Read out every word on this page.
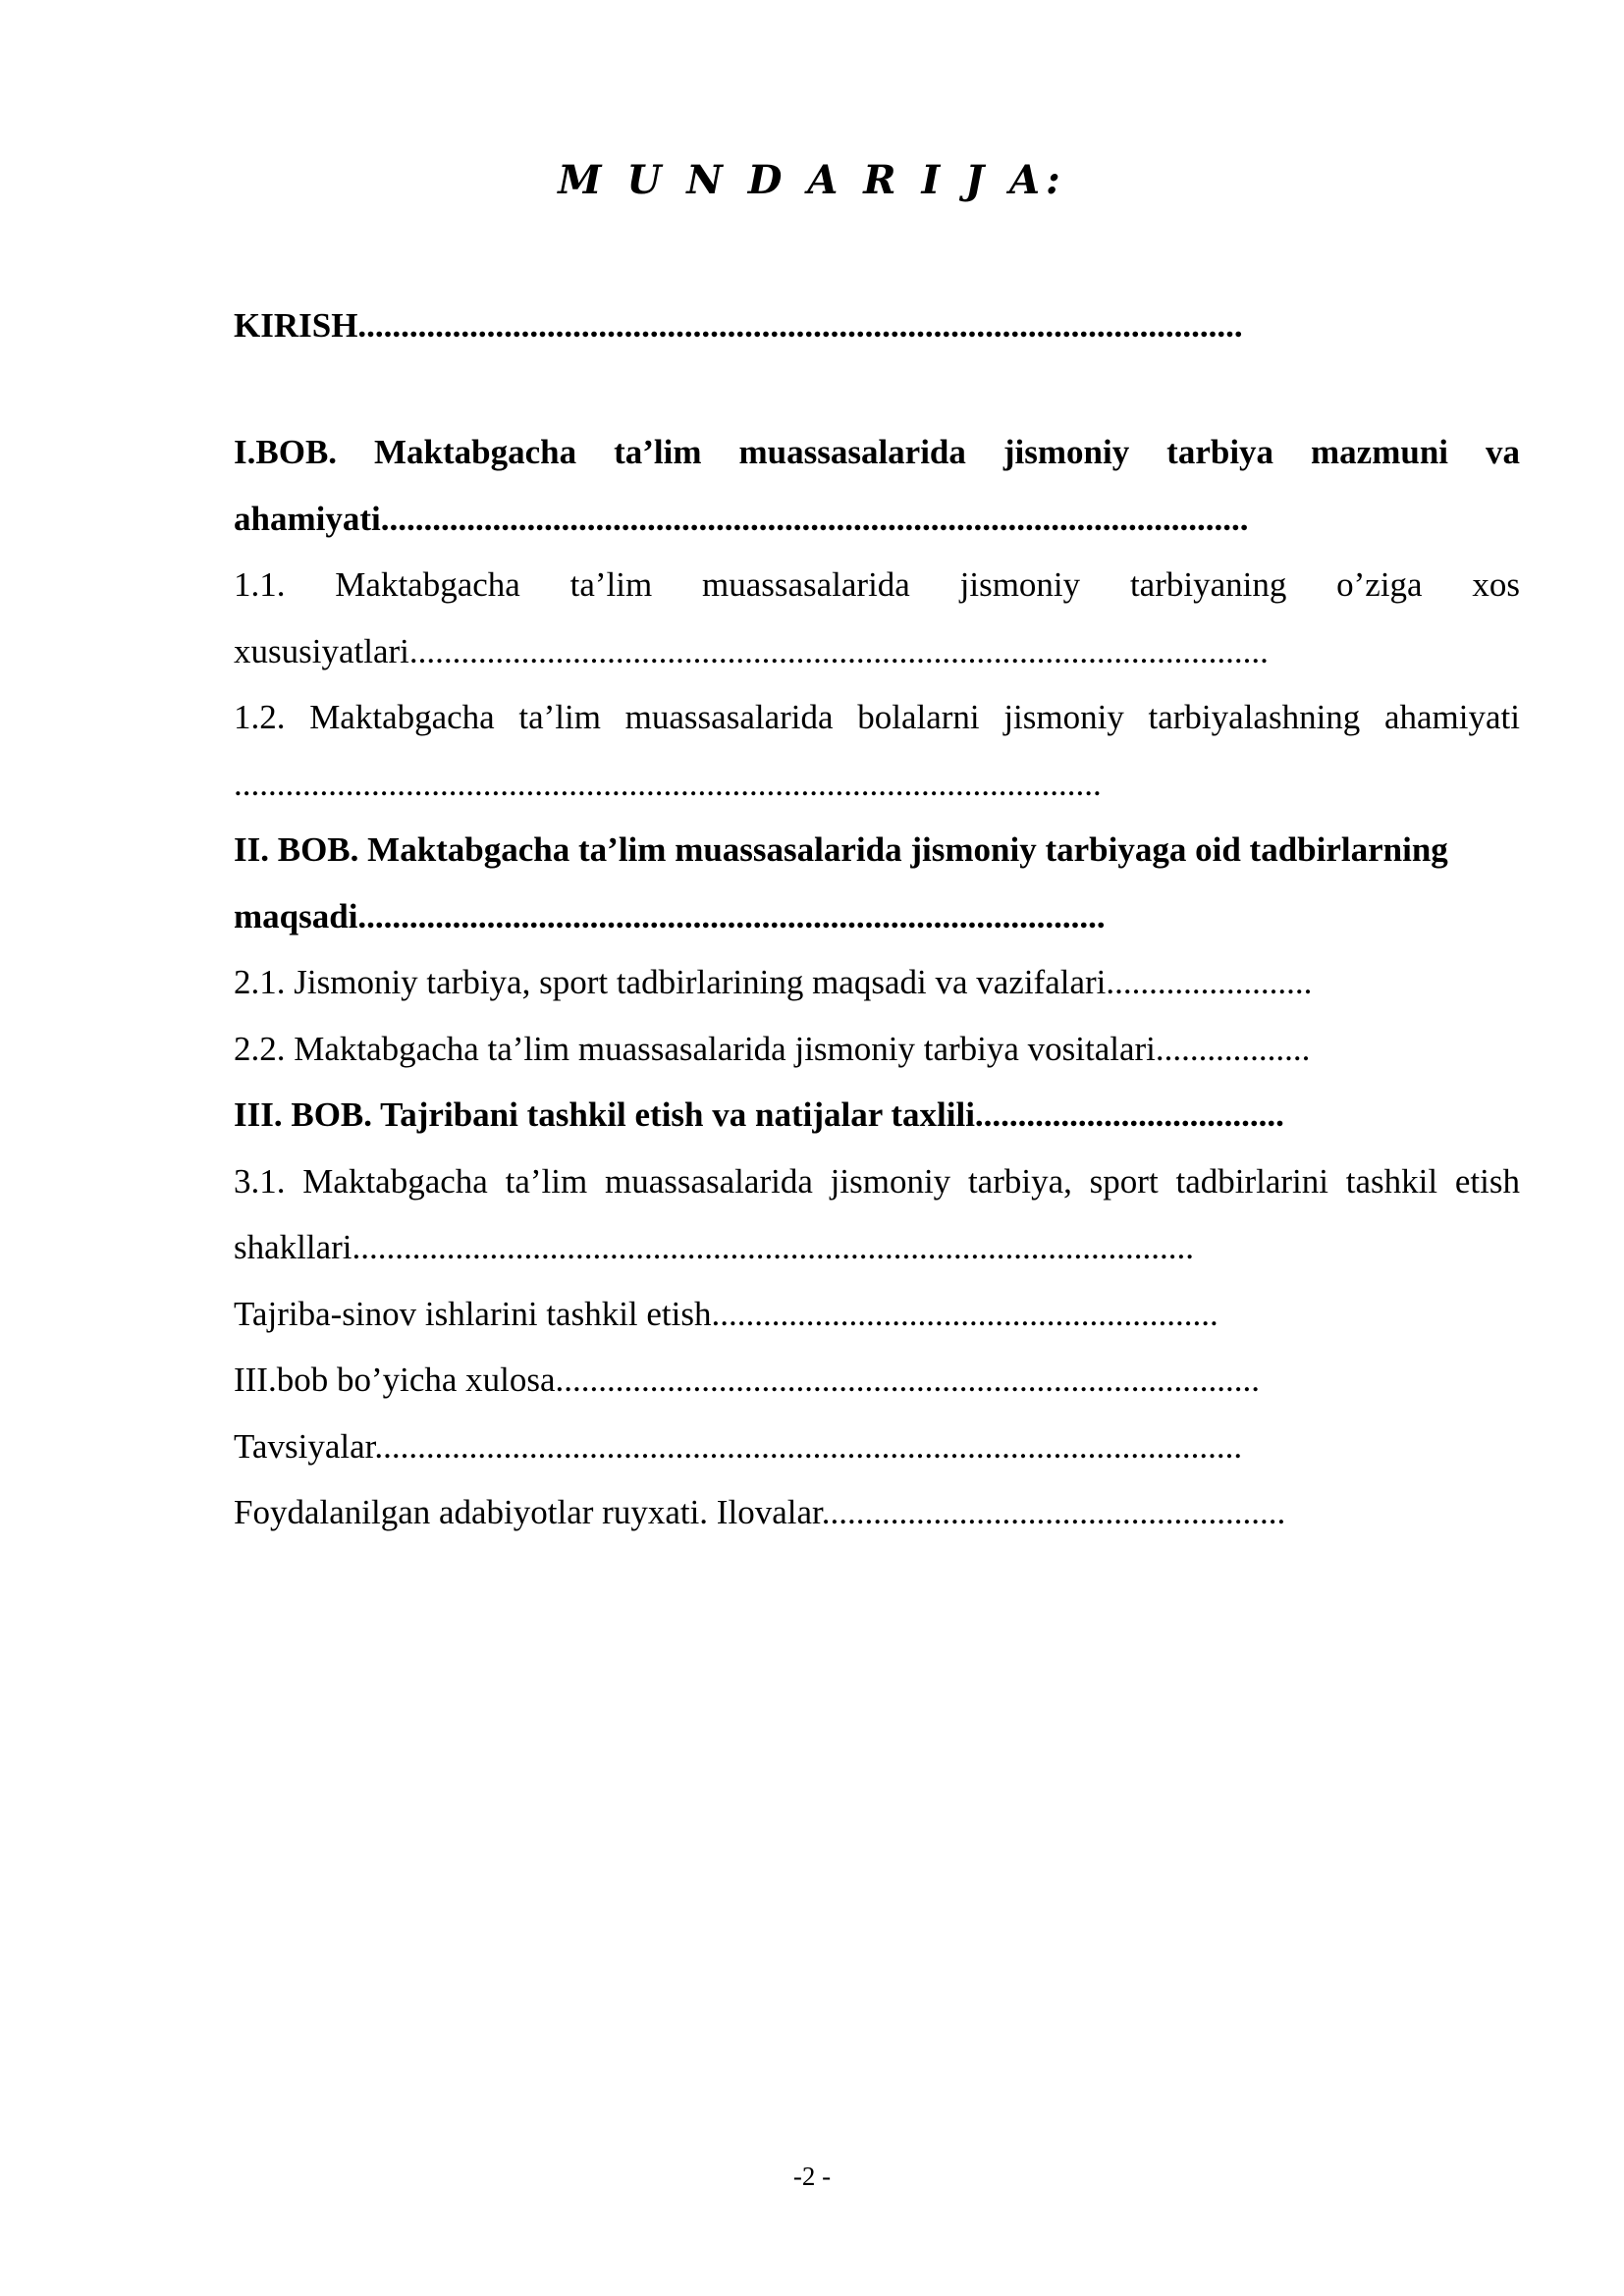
M U N D A R I J A:

KIRISH.......................................................................................................

I.BOB. Maktabgacha ta’lim muassasalarida jismoniy tarbiya mazmuni va ahamiyati.....................................................................................................

1.1. Maktabgacha ta’lim muassasalarida jismoniy tarbiyaning o’ziga xos xususiyatlari....................................................................................................

1.2. Maktabgacha ta’lim muassasalarida bolalarni jismoniy tarbiyalashning ahamiyati .....................................................................................................

II. BOB. Maktabgacha ta’lim muassasalarida jismoniy tarbiyaga oid tadbirlarning maqsadi.......................................................................................

2.1. Jismoniy tarbiya, sport tadbirlarining maqsadi va vazifalari........................

2.2. Maktabgacha ta’lim muassasalarida jismoniy tarbiya vositalari..................

III. BOB. Tajribani tashkil etish va natijalar taxlili....................................

3.1. Maktabgacha ta’lim muassasalarida jismoniy tarbiya, sport tadbirlarini tashkil etish shakllari..................................................................................................

Tajriba-sinov ishlarini tashkil etish...........................................................

III.bob bo’yicha xulosa..................................................................................

Tavsiyalar.....................................................................................................

Foydalanilgan adabiyotlar ruyxati. Ilovalar......................................................

-2 -
